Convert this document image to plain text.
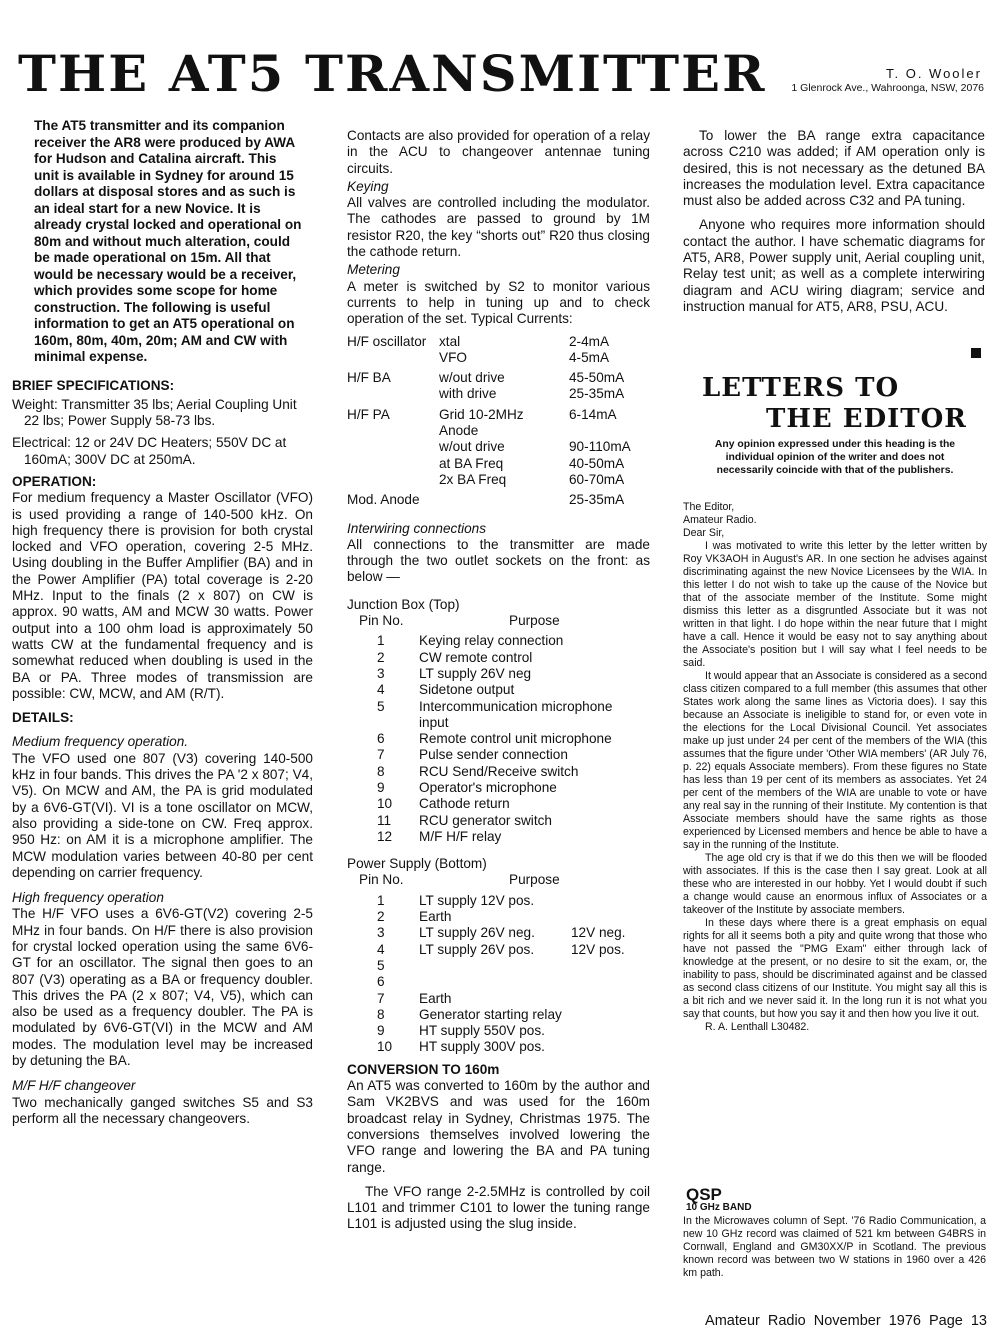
THE AT5 TRANSMITTER	T. O. Wooler
1 Glenrock Ave., Wahroonga, NSW, 2076

The AT5 transmitter and its companion receiver the AR8 were produced by AWA for Hudson and Catalina aircraft. This unit is available in Sydney for around 15 dollars at disposal stores and as such is an ideal start for a new Novice. It is already crystal locked and operational on 80m and without much alteration, could be made operational on 15m. All that would be necessary would be a receiver, which provides some scope for home construction. The following is useful information to get an AT5 operational on 160m, 80m, 40m, 20m; AM and CW with minimal expense.

BRIEF SPECIFICATIONS:

Weight: Transmitter 35 lbs; Aerial Coupling Unit 22 lbs; Power Supply 58-73 lbs.

Electrical: 12 or 24V DC Heaters; 550V DC at 160mA; 300V DC at 250mA.

OPERATION:

For medium frequency a Master Oscillator (VFO) is used providing a range of 140-500 kHz. On high frequency there is provision for both crystal locked and VFO operation, covering 2-5 MHz. Using doubling in the Buffer Amplifier (BA) and in the Power Amplifier (PA) total coverage is 2-20 MHz. Input to the finals (2 x 807) on CW is approx. 90 watts, AM and MCW 30 watts. Power output into a 100 ohm load is approximately 50 watts CW at the fundamental frequency and is somewhat reduced when doubling is used in the BA or PA. Three modes of transmission are possible: CW, MCW, and AM (R/T).

DETAILS:

Medium frequency operation.

The VFO used one 807 (V3) covering 140-500 kHz in four bands. This drives the PA '2 x 807; V4, V5). On MCW and AM, the PA is grid modulated by a 6V6-GT(VI). VI is a tone oscillator on MCW, also providing a side-tone on CW. Freq approx. 950 Hz: on AM it is a microphone amplifier. The MCW modulation varies between 40-80 per cent depending on carrier frequency.

High frequency operation

The H/F VFO uses a 6V6-GT(V2) covering 2-5 MHz in four bands. On H/F there is also provision for crystal locked operation using the same 6V6-GT for an oscillator. The signal then goes to an 807 (V3) operating as a BA or frequency doubler. This drives the PA (2 x 807; V4, V5), which can also be used as a frequency doubler. The PA is modulated by 6V6-GT(VI) in the MCW and AM modes. The modulation level may be increased by detuning the BA.

M/F H/F changeover

Two mechanically ganged switches S5 and S3 perform all the necessary changeovers.

Contacts are also provided for operation of a relay in the ACU to changeover antennae tuning circuits.

Keying

All valves are controlled including the modulator. The cathodes are passed to ground by 1M resistor R20, the key “shorts out” R20 thus closing the cathode return.

Metering

A meter is switched by S2 to monitor various currents to help in tuning up and to check operation of the set. Typical Currents:

H/F oscillator xtal	2-4mA
VFO	4-5mA
H/F BA	w/out drive	45-50mA
with drive	25-35mA
H/F PA	Grid 10-2MHz	6-14mA
Anode
w/out drive	90-110mA
at BA Freq	40-50mA
2x BA Freq	60-70mA
Mod. Anode	25-35mA

Interwiring connections

All connections to the transmitter are made through the two outlet sockets on the front: as below —

Junction Box (Top)

Pin No.	Purpose
1	Keying relay connection
2	CW remote control
3	LT supply 26V neg
4	Sidetone output
5	Intercommunication microphone
input
6	Remote control unit microphone
7	Pulse sender connection
8	RCU Send/Receive switch
9	Operator's microphone
10 Cathode return
11 RCU generator switch
12 M/F H/F relay

Power Supply (Bottom)

Pin No.	Purpose
1	LT supply 12V pos.
2	Earth
3	LT supply 26V neg.	12V neg.
4	LT supply 26V pos.	12V pos.
5
6
7	Earth
8	Generator starting relay
9	HT supply 550V pos.
10 HT supply 300V pos.
CONVERSION TO 160m

An AT5 was converted to 160m by the author and Sam VK2BVS and was used for the 160m broadcast relay in Sydney, Christmas 1975. The conversions themselves involved lowering the VFO range and lowering the BA and PA tuning range.

The VFO range 2-2.5MHz is controlled by coil L101 and trimmer C101 to lower the tuning range L101 is adjusted using the slug inside.

To lower the BA range extra capacitance across C210 was added; if AM operation only is desired, this is not necessary as the detuned BA increases the modulation level. Extra capacitance must also be added across C32 and PA tuning.

Anyone who requires more information should contact the author. I have schematic diagrams for AT5, AR8, Power supply unit, Aerial coupling unit, Relay test unit; as well as a complete interwiring diagram and ACU wiring diagram; service and instruction manual for AT5, AR8, PSU, ACU.

LETTERS TO
THE EDITOR
Any opinion expressed under this heading is the individual opinion of the writer and does not necessarily coincide with that of the publishers.

The Editor,

Amateur Radio.

Dear Sir,

I was motivated to write this letter by the letter written by Roy VK3AOH in August's AR. In one section he advises against discriminating against the new Novice Licensees by the WIA. In this letter I do not wish to take up the cause of the Novice but that of the associate member of the Institute. Some might dismiss this letter as a disgruntled Associate but it was not written in that light. I do hope within the near future that I might have a call. Hence it would be easy not to say anything about the Associate's position but I will say what I feel needs to be said.

It would appear that an Associate is considered as a second class citizen compared to a full member (this assumes that other States work along the same lines as Victoria does). I say this because an Associate is ineligible to stand for, or even vote in the elections for the Local Divisional Council. Yet associates make up just under 24 per cent of the members of the WIA (this assumes that the figure under 'Other WIA members' (AR July 76, p. 22) equals Associate members). From these figures no State has less than 19 per cent of its members as associates. Yet 24 per cent of the members of the WIA are unable to vote or have any real say in the running of their Institute. My contention is that Associate members should have the same rights as those experienced by Licensed members and hence be able to have a say in the running of the Institute.

The age old cry is that if we do this then we will be flooded with associates. If this is the case then I say great. Look at all these who are interested in our hobby. Yet I would doubt if such a change would cause an enormous influx of Associates or a takeover of the Institute by associate members.

In these days where there is a great emphasis on equal rights for all it seems both a pity and quite wrong that those who have not passed the "PMG Exam" either through lack of knowledge at the present, or no desire to sit the exam, or, the inability to pass, should be discriminated against and be classed as second class citizens of our Institute. You might say all this is a bit rich and we never said it. In the long run it is not what you say that counts, but how you say it and then how you live it out.

R. A. Lenthall L30482.

QSP
10 GHz BAND
In the Microwaves column of Sept. '76 Radio Communication, a new 10 GHz record was claimed of 521 km between G4BRS in Cornwall, England and GM30XX/P in Scotland. The previous known record was between two W stations in 1960 over a 426 km path.
Amateur Radio November 1976 Page 13
